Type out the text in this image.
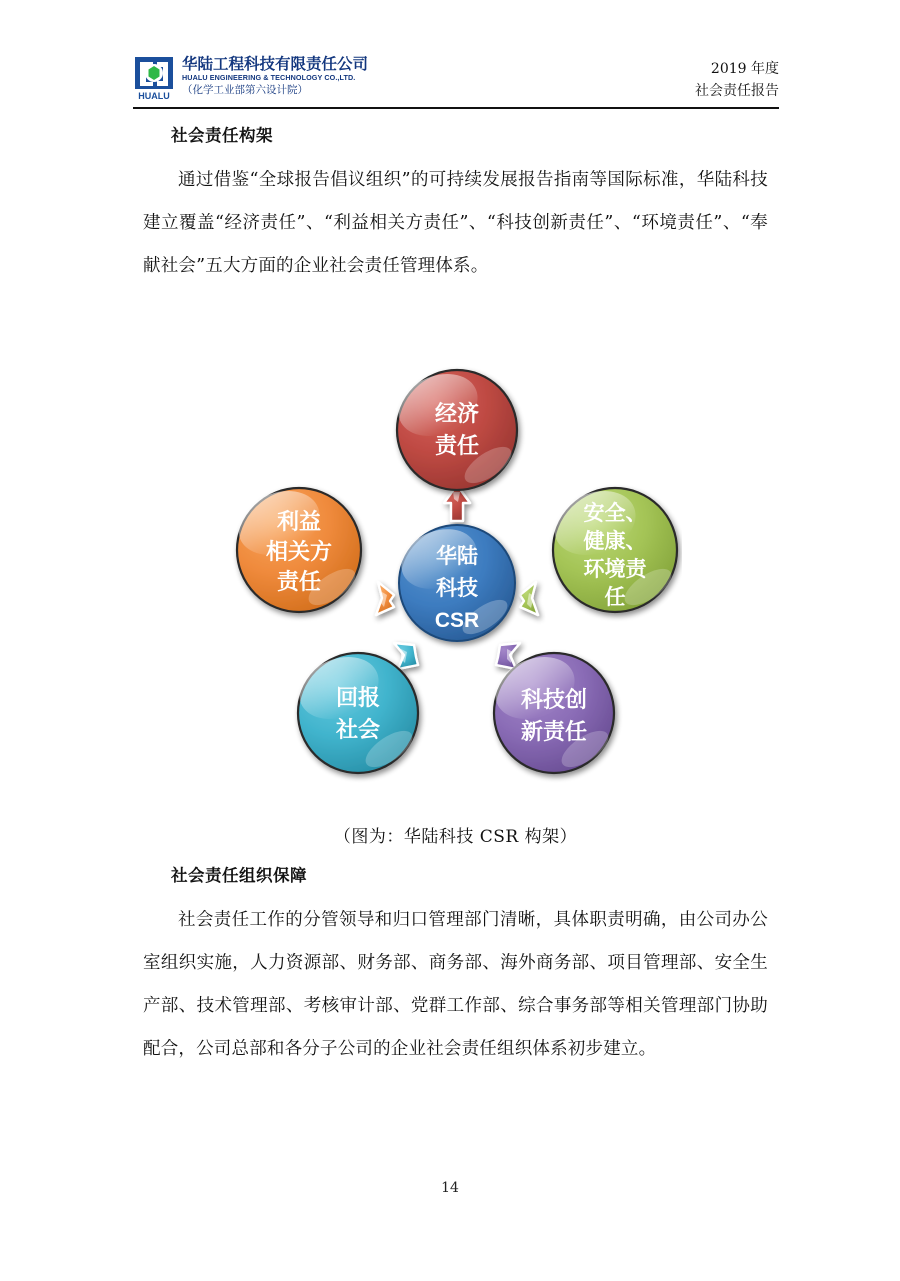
HUALU
华陆工程科技有限责任公司
HUALU ENGINEERING & TECHNOLOGY CO.,LTD.
（化学工业部第六设计院）
2019 年度
社会责任报告
社会责任构架

通过借鉴“全球报告倡议组织”的可持续发展报告指南等国际标准，华陆科技建立覆盖“经济责任”、“利益相关方责任”、“科技创新责任”、“环境责任”、“奉献社会”五大方面的企业社会责任管理体系。

经济
责任
利益
相关方
责任
安全、
健康、
环境责
任
华陆
科技
CSR
回报
社会
科技创
新责任
（图为：华陆科技 CSR 构架）
社会责任组织保障

社会责任工作的分管领导和归口管理部门清晰，具体职责明确，由公司办公室组织实施，人力资源部、财务部、商务部、海外商务部、项目管理部、安全生产部、技术管理部、考核审计部、党群工作部、综合事务部等相关管理部门协助配合，公司总部和各分子公司的企业社会责任组织体系初步建立。

14
